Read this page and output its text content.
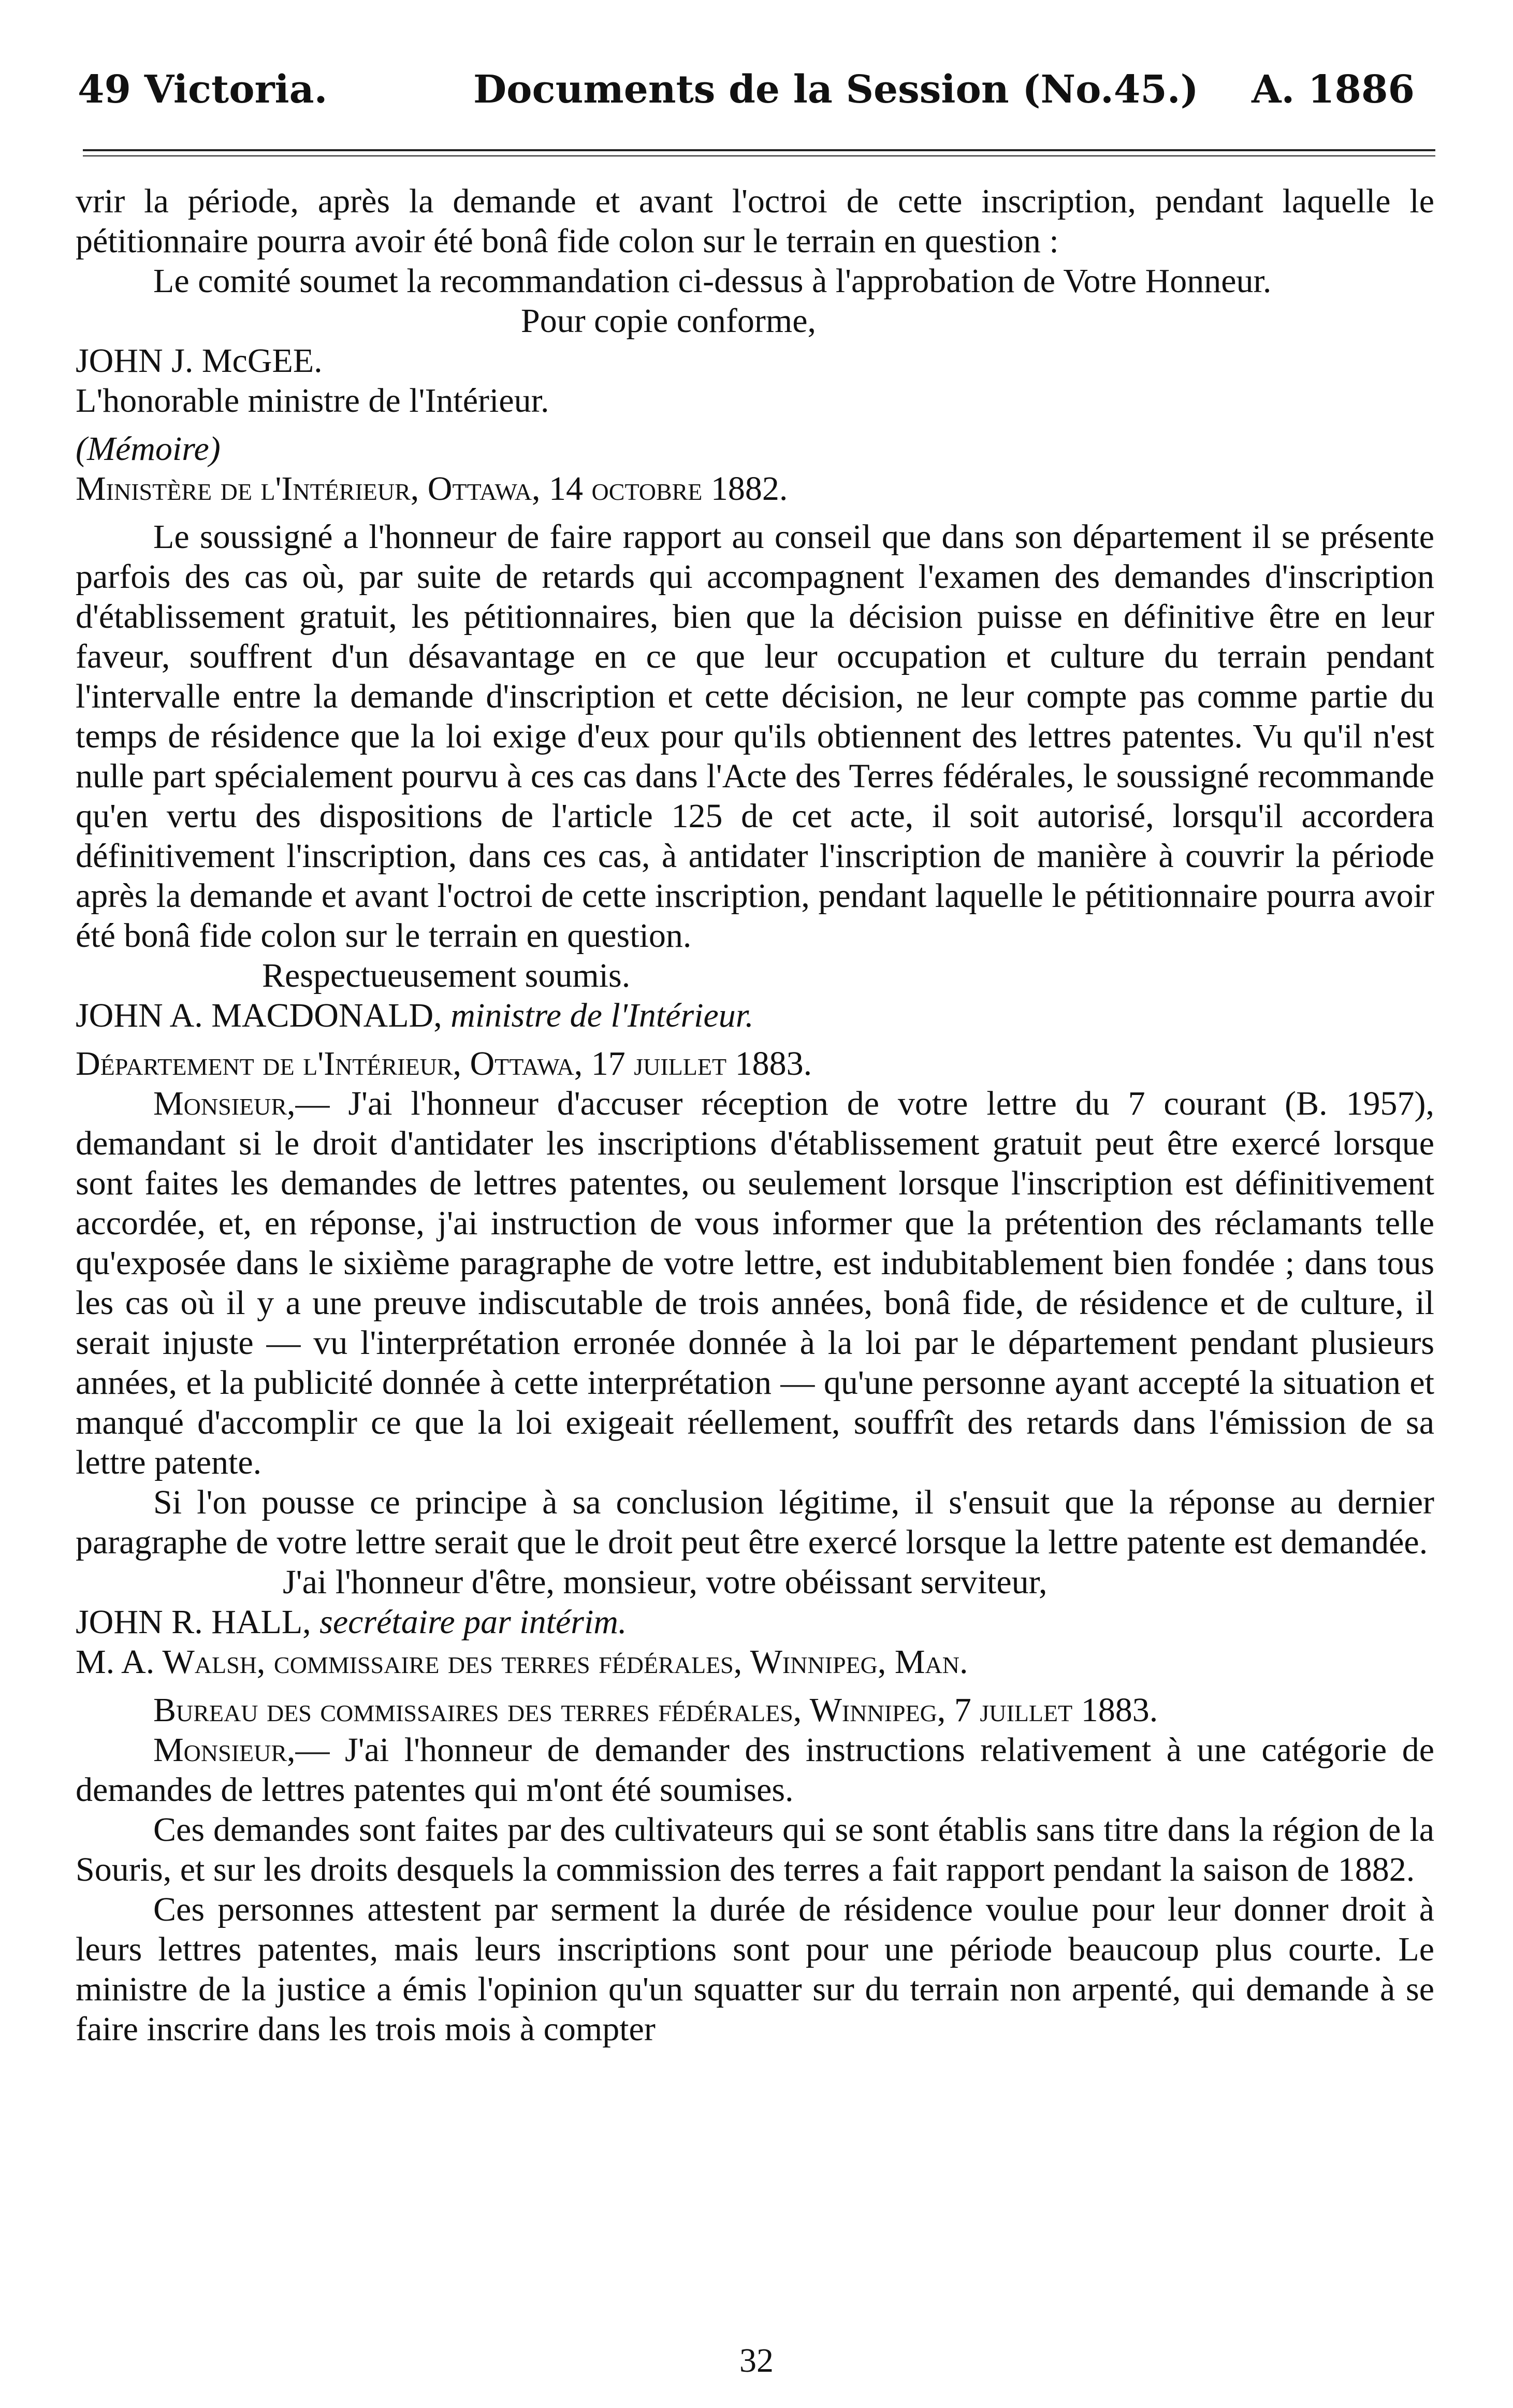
49 Victoria.	Documents de la Session (No.45.) A. 1886

vrir la période, après la demande et avant l'octroi de cette inscription, pendant laquelle le pétitionnaire pourra avoir été bonâ fide colon sur le terrain en question :

Le comité soumet la recommandation ci-dessus à l'approbation de Votre Honneur.

Pour copie conforme,

JOHN J. McGEE.

L'honorable ministre de l'Intérieur.

(Mémoire)

Ministère de l'Intérieur, Ottawa, 14 octobre 1882.

Le soussigné a l'honneur de faire rapport au conseil que dans son département il se présente parfois des cas où, par suite de retards qui accompagnent l'examen des demandes d'inscription d'établissement gratuit, les pétitionnaires, bien que la décision puisse en définitive être en leur faveur, souffrent d'un désavantage en ce que leur occupation et culture du terrain pendant l'intervalle entre la demande d'inscription et cette décision, ne leur compte pas comme partie du temps de résidence que la loi exige d'eux pour qu'ils obtiennent des lettres patentes. Vu qu'il n'est nulle part spécialement pourvu à ces cas dans l'Acte des Terres fédérales, le soussigné recommande qu'en vertu des dispositions de l'article 125 de cet acte, il soit autorisé, lorsqu'il accordera définitivement l'inscription, dans ces cas, à antidater l'inscription de manière à couvrir la période après la demande et avant l'octroi de cette inscription, pendant laquelle le pétitionnaire pourra avoir été bonâ fide colon sur le terrain en question.

Respectueusement soumis.

JOHN A. MACDONALD, ministre de l'Intérieur.

Département de l'Intérieur, Ottawa, 17 juillet 1883.

Monsieur,— J'ai l'honneur d'accuser réception de votre lettre du 7 courant (B. 1957), demandant si le droit d'antidater les inscriptions d'établissement gratuit peut être exercé lorsque sont faites les demandes de lettres patentes, ou seulement lorsque l'inscription est définitivement accordée, et, en réponse, j'ai instruction de vous informer que la prétention des réclamants telle qu'exposée dans le sixième paragraphe de votre lettre, est indubitablement bien fondée ; dans tous les cas où il y a une preuve indiscutable de trois années, bonâ fide, de résidence et de culture, il serait injuste — vu l'interprétation erronée donnée à la loi par le département pendant plusieurs années, et la publicité donnée à cette interprétation — qu'une personne ayant accepté la situation et manqué d'accomplir ce que la loi exigeait réellement, souffrît des retards dans l'émission de sa lettre patente.

Si l'on pousse ce principe à sa conclusion légitime, il s'ensuit que la réponse au dernier paragraphe de votre lettre serait que le droit peut être exercé lorsque la lettre patente est demandée.

J'ai l'honneur d'être, monsieur, votre obéissant serviteur,

JOHN R. HALL, secrétaire par intérim.

M. A. Walsh, commissaire des terres fédérales, Winnipeg, Man.

Bureau des commissaires des terres fédérales, Winnipeg, 7 juillet 1883.

Monsieur,— J'ai l'honneur de demander des instructions relativement à une catégorie de demandes de lettres patentes qui m'ont été soumises.

Ces demandes sont faites par des cultivateurs qui se sont établis sans titre dans la région de la Souris, et sur les droits desquels la commission des terres a fait rapport pendant la saison de 1882.

Ces personnes attestent par serment la durée de résidence voulue pour leur donner droit à leurs lettres patentes, mais leurs inscriptions sont pour une période beaucoup plus courte. Le ministre de la justice a émis l'opinion qu'un squatter sur du terrain non arpenté, qui demande à se faire inscrire dans les trois mois à compter

32
